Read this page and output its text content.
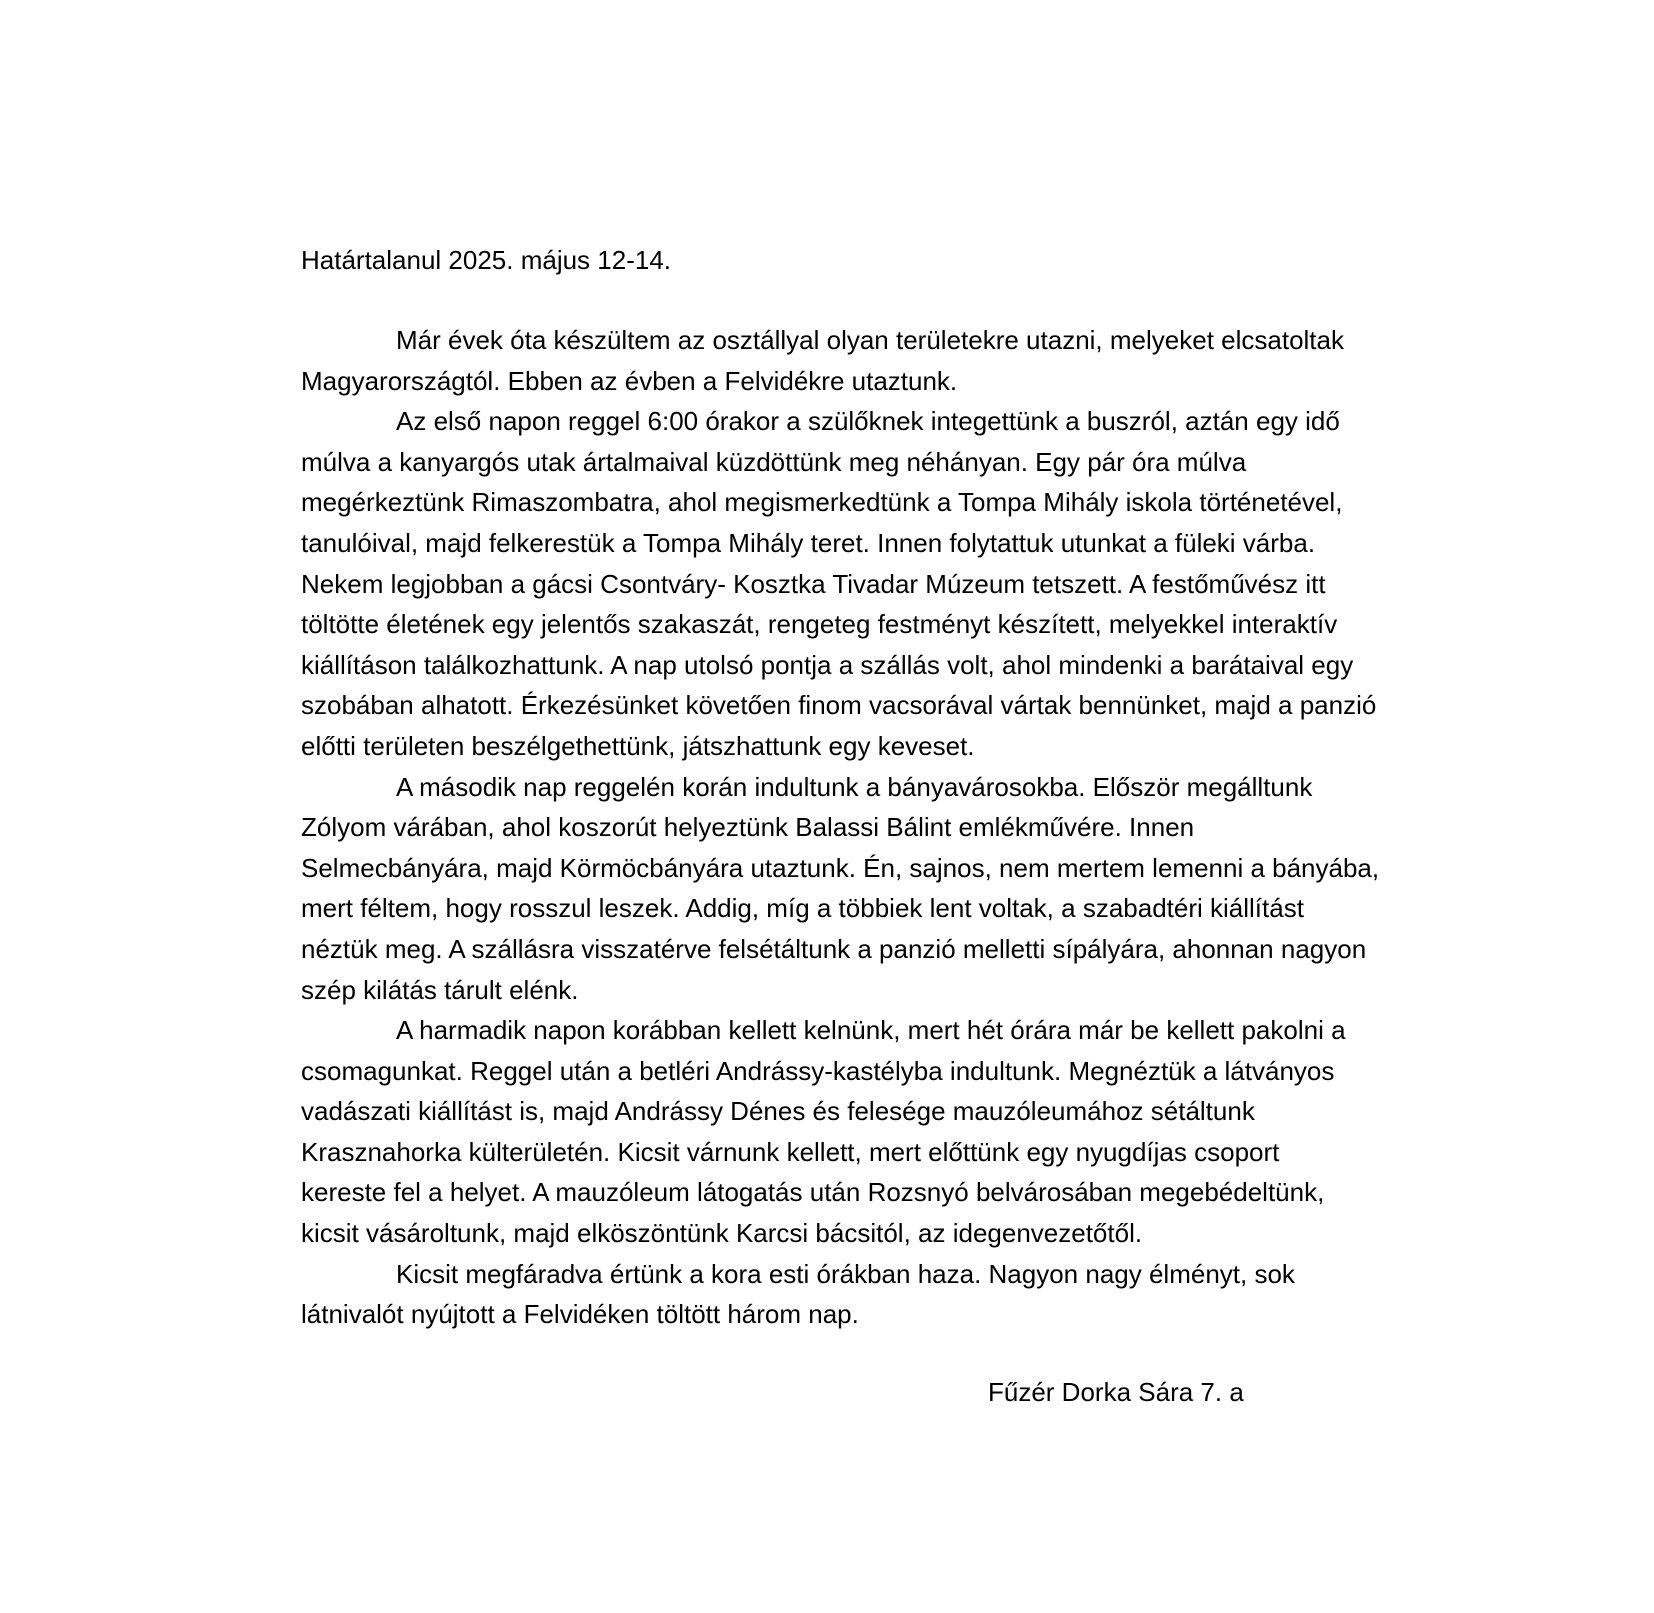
Határtalanul 2025. május 12-14.
Már évek óta készültem az osztállyal olyan területekre utazni, melyeket elcsatoltak
Magyarországtól. Ebben az évben a Felvidékre utaztunk.
Az első napon reggel 6:00 órakor a szülőknek integettünk a buszról, aztán egy idő
múlva a kanyargós utak ártalmaival küzdöttünk meg néhányan. Egy pár óra múlva
megérkeztünk Rimaszombatra, ahol megismerkedtünk a Tompa Mihály iskola történetével,
tanulóival, majd felkerestük a Tompa Mihály teret. Innen folytattuk utunkat a füleki várba.
Nekem legjobban a gácsi Csontváry- Kosztka Tivadar Múzeum tetszett. A festőművész itt
töltötte életének egy jelentős szakaszát, rengeteg festményt készített, melyekkel interaktív
kiállításon találkozhattunk. A nap utolsó pontja a szállás volt, ahol mindenki a barátaival egy
szobában alhatott. Érkezésünket követően finom vacsorával vártak bennünket, majd a panzió
előtti területen beszélgethettünk, játszhattunk egy keveset.
A második nap reggelén korán indultunk a bányavárosokba. Először megálltunk
Zólyom várában, ahol koszorút helyeztünk Balassi Bálint emlékművére. Innen
Selmecbányára, majd Körmöcbányára utaztunk. Én, sajnos, nem mertem lemenni a bányába,
mert féltem, hogy rosszul leszek. Addig, míg a többiek lent voltak, a szabadtéri kiállítást
néztük meg. A szállásra visszatérve felsétáltunk a panzió melletti sípályára, ahonnan nagyon
szép kilátás tárult elénk.
A harmadik napon korábban kellett kelnünk, mert hét órára már be kellett pakolni a
csomagunkat. Reggel után a betléri Andrássy-kastélyba indultunk. Megnéztük a látványos
vadászati kiállítást is, majd Andrássy Dénes és felesége mauzóleumához sétáltunk
Krasznahorka külterületén. Kicsit várnunk kellett, mert előttünk egy nyugdíjas csoport
kereste fel a helyet. A mauzóleum látogatás után Rozsnyó belvárosában megebédeltünk,
kicsit vásároltunk, majd elköszöntünk Karcsi bácsitól, az idegenvezetőtől.
Kicsit megfáradva értünk a kora esti órákban haza. Nagyon nagy élményt, sok
látnivalót nyújtott a Felvidéken töltött három nap.
Fűzér Dorka Sára 7. a
